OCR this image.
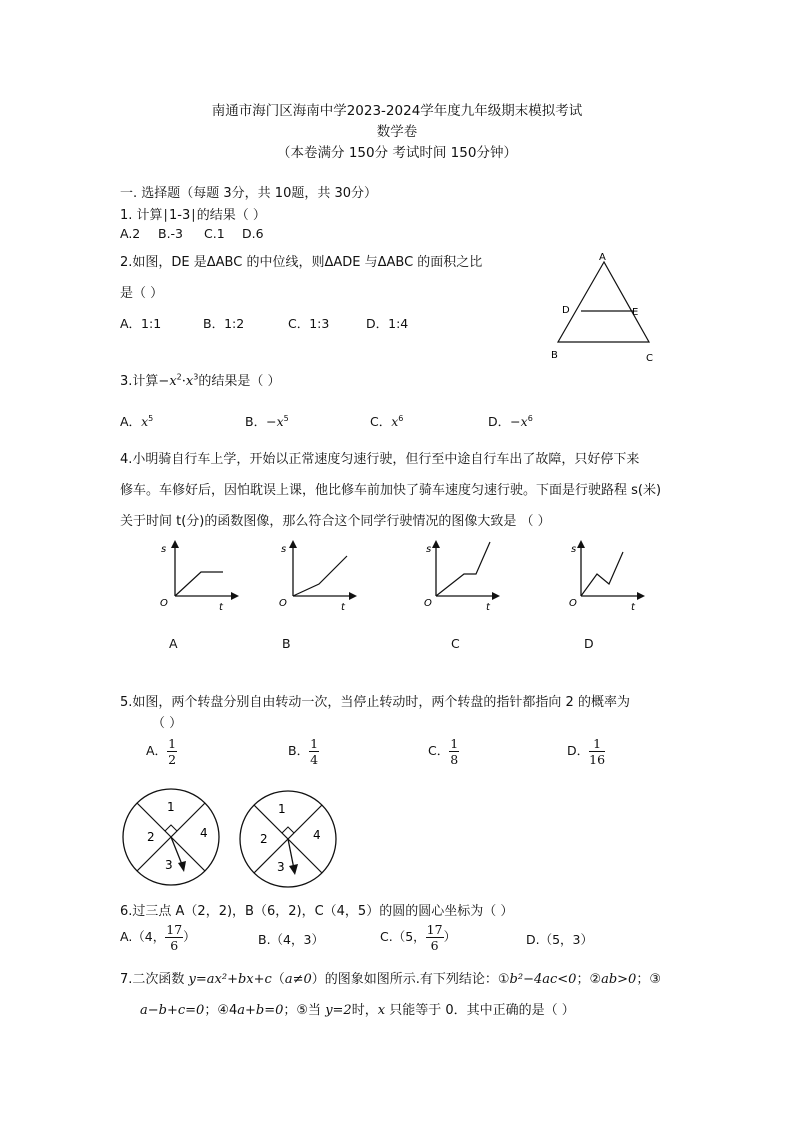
南通市海门区海南中学2023-2024学年度九年级期末模拟考试
数学卷
（本卷满分 150分 考试时间 150分钟）
一. 选择题（每题 3分，共 10题，共 30分）
1. 计算∣1-3∣的结果（ ）
A.2 B.-3 C.1 D.6
2.如图，DE 是ΔABC 的中位线，则ΔADE 与ΔABC 的面积之比
是（ ）
A．1:1	B．1:2	C．1:3	D．1:4
A
D	E
B	C
3.计算$-x^2\cdot x^3$的结果是（ ）
A．$x^5$	B．$-x^5$	C．$x^6$	D．$-x^6$
4.小明骑自行车上学，开始以正常速度匀速行驶，但行至中途自行车出了故障，只好停下来
修车。车修好后，因怕耽误上课，他比修车前加快了骑车速度匀速行驶。下面是行驶路程 s(米)
关于时间 t(分)的函数图像，那么符合这个同学行驶情况的图像大致是 （ ）
s
O	t
s
O	t
s
O	t
s
O	t
A	B	C	D
5.如图，两个转盘分别自由转动一次，当停止转动时，两个转盘的指针都指向 2 的概率为
（ ）
A． $\frac{1}{2}$	B． $\frac{1}{4}$	C． $\frac{1}{8}$	D． $\frac{1}{16}$
1
2
3
4
1
2
3
4
6.过三点 A（2，2)，B（6，2)，C（4，5）的圆的圆心坐标为（ ）
A.（4， $\frac{17}{6}$ ）	B.（4，3）	C.（5， $\frac{17}{6}$ ）	D.（5，3）
7.二次函数 y=ax²+bx+c（a≠0）的图象如图所示.有下列结论：①b²−4ac<0；②ab>0；③
a−b+c=0；④4a+b=0；⑤当 y=2时，x 只能等于 0．其中正确的是（ ）
